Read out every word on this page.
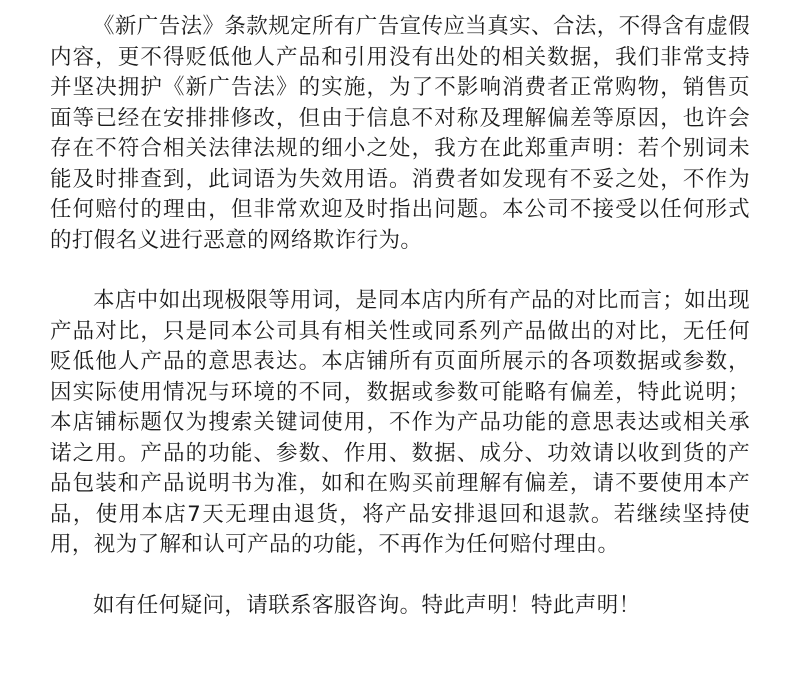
《新广告法》条款规定所有广告宣传应当真实、合法，不得含有虚假内容，更不得贬低他人产品和引用没有出处的相关数据，我们非常支持并坚决拥护《新广告法》的实施，为了不影响消费者正常购物，销售页面等已经在安排排修改，但由于信息不对称及理解偏差等原因，也许会存在不符合相关法律法规的细小之处，我方在此郑重声明：若个别词未能及时排查到，此词语为失效用语。消费者如发现有不妥之处，不作为任何赔付的理由，但非常欢迎及时指出问题。本公司不接受以任何形式的打假名义进行恶意的网络欺诈行为。

本店中如出现极限等用词，是同本店内所有产品的对比而言；如出现产品对比，只是同本公司具有相关性或同系列产品做出的对比，无任何贬低他人产品的意思表达。本店铺所有页面所展示的各项数据或参数，因实际使用情况与环境的不同，数据或参数可能略有偏差，特此说明；本店铺标题仅为搜索关键词使用，不作为产品功能的意思表达或相关承诺之用。产品的功能、参数、作用、数据、成分、功效请以收到货的产品包装和产品说明书为准，如和在购买前理解有偏差，请不要使用本产品，使用本店7天无理由退货，将产品安排退回和退款。若继续坚持使用，视为了解和认可产品的功能，不再作为任何赔付理由。

如有任何疑问，请联系客服咨询。特此声明！特此声明！
